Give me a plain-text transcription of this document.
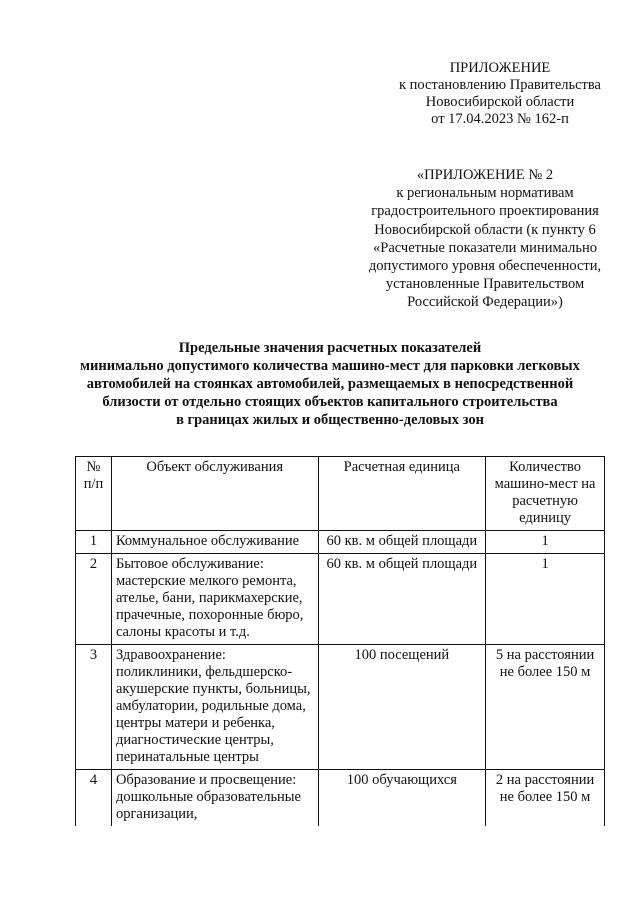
ПРИЛОЖЕНИЕ
к постановлению Правительства
Новосибирской области
от 17.04.2023 № 162-п
«ПРИЛОЖЕНИЕ № 2
к региональным нормативам
градостроительного проектирования
Новосибирской области (к пункту 6
«Расчетные показатели минимально
допустимого уровня обеспеченности,
установленные Правительством
Российской Федерации»)
Предельные значения расчетных показателей
минимально допустимого количества машино-мест для парковки легковых
автомобилей на стоянках автомобилей, размещаемых в непосредственной
близости от отдельно стоящих объектов капитального строительства
в границах жилых и общественно-деловых зон
№ п/п	Объект обслуживания	Расчетная единица	Количество машино-мест на расчетную единицу
1	Коммунальное обслуживание	60 кв. м общей площади	1
2	Бытовое обслуживание: мастерские мелкого ремонта, ателье, бани, парикмахерские, прачечные, похоронные бюро, салоны красоты и т.д.	60 кв. м общей площади	1
3	Здравоохранение: поликлиники, фельдшерско-акушерские пункты, больницы, амбулатории, родильные дома, центры матери и ребенка, диагностические центры, перинатальные центры	100 посещений	5 на расстоянии не более 150 м
4	Образование и просвещение: дошкольные образовательные организации,	100 обучающихся	2 на расстоянии не более 150 м
